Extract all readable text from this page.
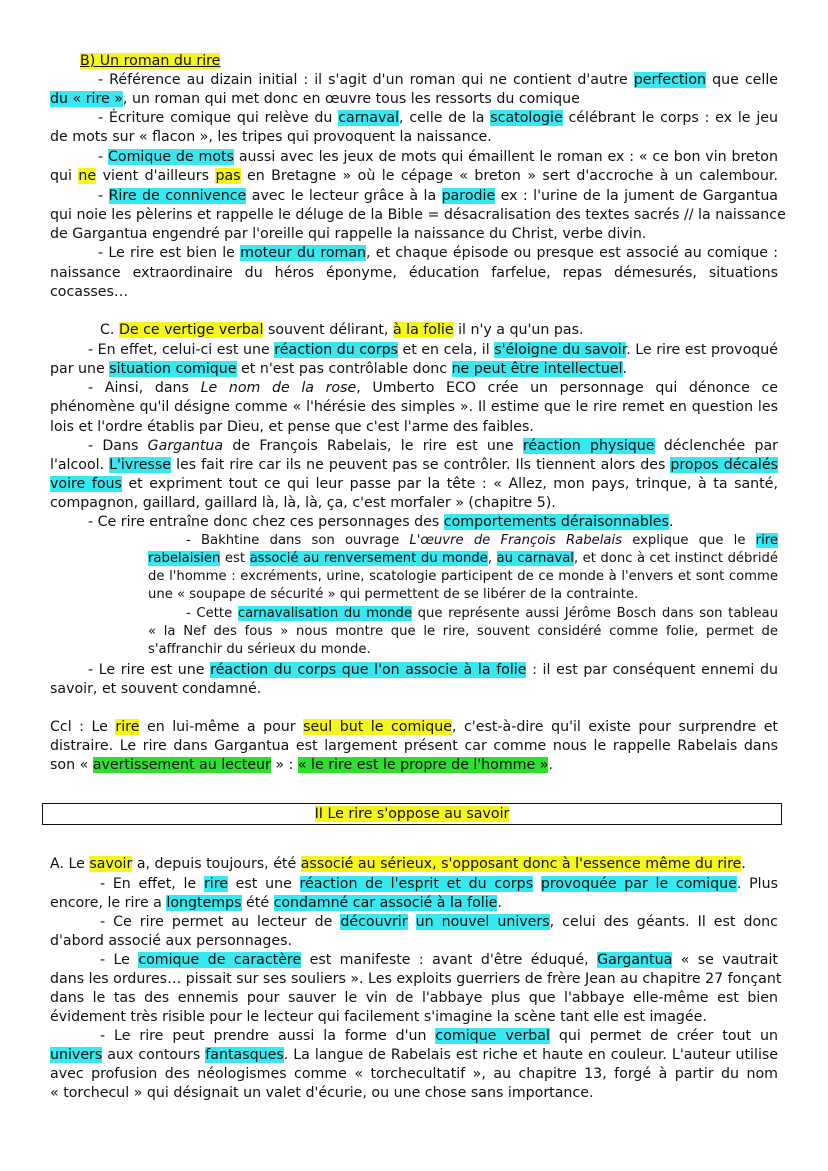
B) Un roman du rire
- Référence au dizain initial : il s'agit d'un roman qui ne contient d'autre perfection que celle
du « rire », un roman qui met donc en œuvre tous les ressorts du comique
- Écriture comique qui relève du carnaval, celle de la scatologie célébrant le corps : ex le jeu
de mots sur « flacon », les tripes qui provoquent la naissance.
- Comique de mots aussi avec les jeux de mots qui émaillent le roman ex : « ce bon vin breton
qui ne vient d'ailleurs pas en Bretagne » où le cépage « breton » sert d'accroche à un calembour.
- Rire de connivence avec le lecteur grâce à la parodie ex : l'urine de la jument de Gargantua
qui noie les pèlerins et rappelle le déluge de la Bible = désacralisation des textes sacrés // la naissance
de Gargantua engendré par l'oreille qui rappelle la naissance du Christ, verbe divin.
- Le rire est bien le moteur du roman, et chaque épisode ou presque est associé au comique :
naissance extraordinaire du héros éponyme, éducation farfelue, repas démesurés, situations
cocasses…
C. De ce vertige verbal souvent délirant, à la folie il n'y a qu'un pas.
- En effet, celui-ci est une réaction du corps et en cela, il s'éloigne du savoir. Le rire est provoqué
par une situation comique et n'est pas contrôlable donc ne peut être intellectuel.
- Ainsi, dans Le nom de la rose, Umberto ECO crée un personnage qui dénonce ce
phénomène qu'il désigne comme « l'hérésie des simples ». Il estime que le rire remet en question les
lois et l'ordre établis par Dieu, et pense que c'est l'arme des faibles.
- Dans Gargantua de François Rabelais, le rire est une réaction physique déclenchée par
l'alcool. L'ivresse les fait rire car ils ne peuvent pas se contrôler. Ils tiennent alors des propos décalés
voire fous et expriment tout ce qui leur passe par la tête : « Allez, mon pays, trinque, à ta santé,
compagnon, gaillard, gaillard là, là, là, ça, c'est morfaler » (chapitre 5).
- Ce rire entraîne donc chez ces personnages des comportements déraisonnables.
- Bakhtine dans son ouvrage L'œuvre de François Rabelais explique que le rire
rabelaisien est associé au renversement du monde, au carnaval, et donc à cet instinct débridé
de l'homme : excréments, urine, scatologie participent de ce monde à l'envers et sont comme
une « soupape de sécurité » qui permettent de se libérer de la contrainte.
- Cette carnavalisation du monde que représente aussi Jérôme Bosch dans son tableau
« la Nef des fous » nous montre que le rire, souvent considéré comme folie, permet de
s'affranchir du sérieux du monde.
- Le rire est une réaction du corps que l'on associe à la folie : il est par conséquent ennemi du
savoir, et souvent condamné.
Ccl : Le rire en lui-même a pour seul but le comique, c'est-à-dire qu'il existe pour surprendre et
distraire. Le rire dans Gargantua est largement présent car comme nous le rappelle Rabelais dans
son « avertissement au lecteur » : « le rire est le propre de l'homme ».
A. Le savoir a, depuis toujours, été associé au sérieux, s'opposant donc à l'essence même du rire.
- En effet, le rire est une réaction de l'esprit et du corps provoquée par le comique. Plus
encore, le rire a longtemps été condamné car associé à la folie.
- Ce rire permet au lecteur de découvrir un nouvel univers, celui des géants. Il est donc
d'abord associé aux personnages.
- Le comique de caractère est manifeste : avant d'être éduqué, Gargantua « se vautrait
dans les ordures… pissait sur ses souliers ». Les exploits guerriers de frère Jean au chapitre 27 fonçant
dans le tas des ennemis pour sauver le vin de l'abbaye plus que l'abbaye elle-même est bien
évidement très risible pour le lecteur qui facilement s'imagine la scène tant elle est imagée.
- Le rire peut prendre aussi la forme d'un comique verbal qui permet de créer tout un
univers aux contours fantasques. La langue de Rabelais est riche et haute en couleur. L'auteur utilise
avec profusion des néologismes comme « torchecultatif », au chapitre 13, forgé à partir du nom
« torchecul » qui désignait un valet d'écurie, ou une chose sans importance.
II Le rire s'oppose au savoir
